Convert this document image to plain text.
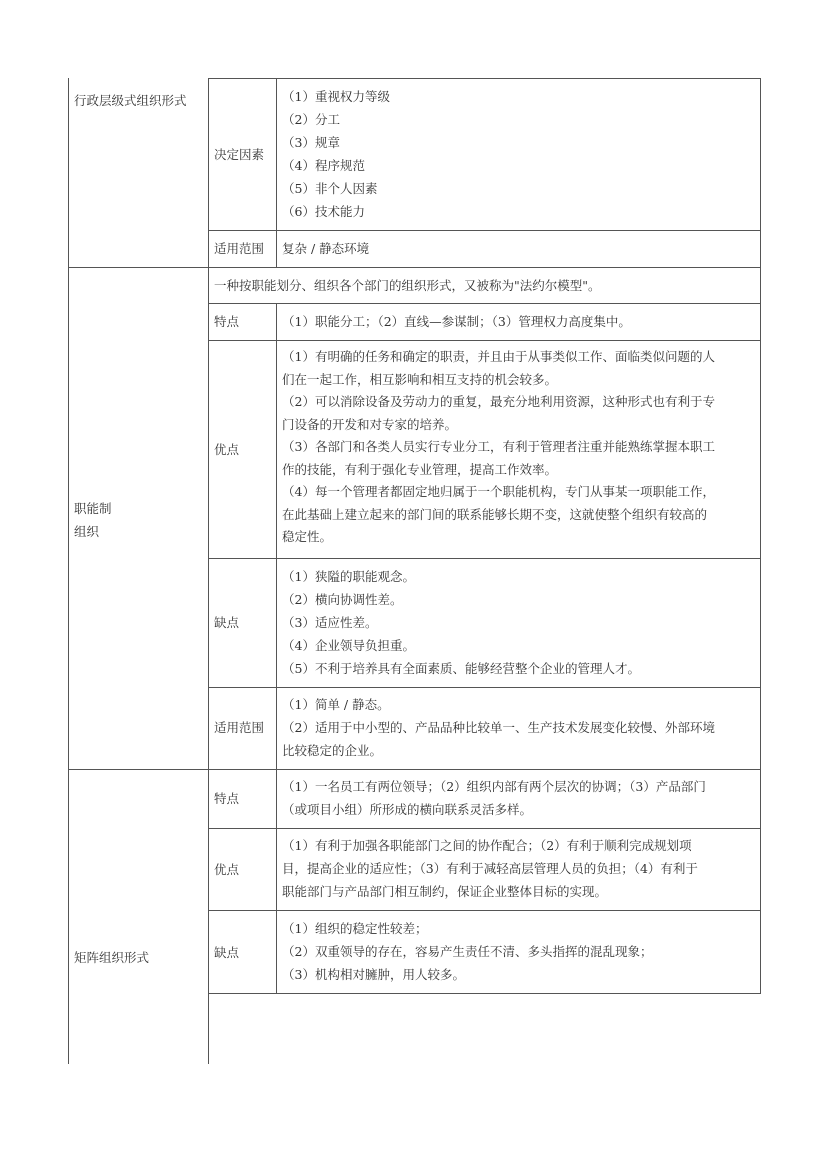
行政层级式组织形式
决定因素
（1）重视权力等级
（2）分工
（3）规章
（4）程序规范
（5）非个人因素
（6）技术能力
适用范围 复杂 / 静态环境
职能制
组织
一种按职能划分、组织各个部门的组织形式，又被称为"法约尔模型"。
特点	（1）职能分工；（2）直线—参谋制；（3）管理权力高度集中。
优点
（1）有明确的任务和确定的职责，并且由于从事类似工作、面临类似问题的人
们在一起工作，相互影响和相互支持的机会较多。
（2）可以消除设备及劳动力的重复，最充分地利用资源，这种形式也有利于专
门设备的开发和对专家的培养。
（3）各部门和各类人员实行专业分工，有利于管理者注重并能熟练掌握本职工
作的技能，有利于强化专业管理，提高工作效率。
（4）每一个管理者都固定地归属于一个职能机构，专门从事某一项职能工作，
在此基础上建立起来的部门间的联系能够长期不变，这就使整个组织有较高的
稳定性。
缺点
（1）狭隘的职能观念。
（2）横向协调性差。
（3）适应性差。
（4）企业领导负担重。
（5）不利于培养具有全面素质、能够经营整个企业的管理人才。
适用范围
（1）简单 / 静态。
（2）适用于中小型的、产品品种比较单一、生产技术发展变化较慢、外部环境
比较稳定的企业。
矩阵组织形式
特点
（1）一名员工有两位领导；（2）组织内部有两个层次的协调；（3）产品部门
（或项目小组）所形成的横向联系灵活多样。
优点
（1）有利于加强各职能部门之间的协作配合；（2）有利于顺利完成规划项
目，提高企业的适应性；（3）有利于减轻高层管理人员的负担；（4）有利于
职能部门与产品部门相互制约，保证企业整体目标的实现。
缺点
（1）组织的稳定性较差；
（2）双重领导的存在，容易产生责任不清、多头指挥的混乱现象；
（3）机构相对臃肿，用人较多。
